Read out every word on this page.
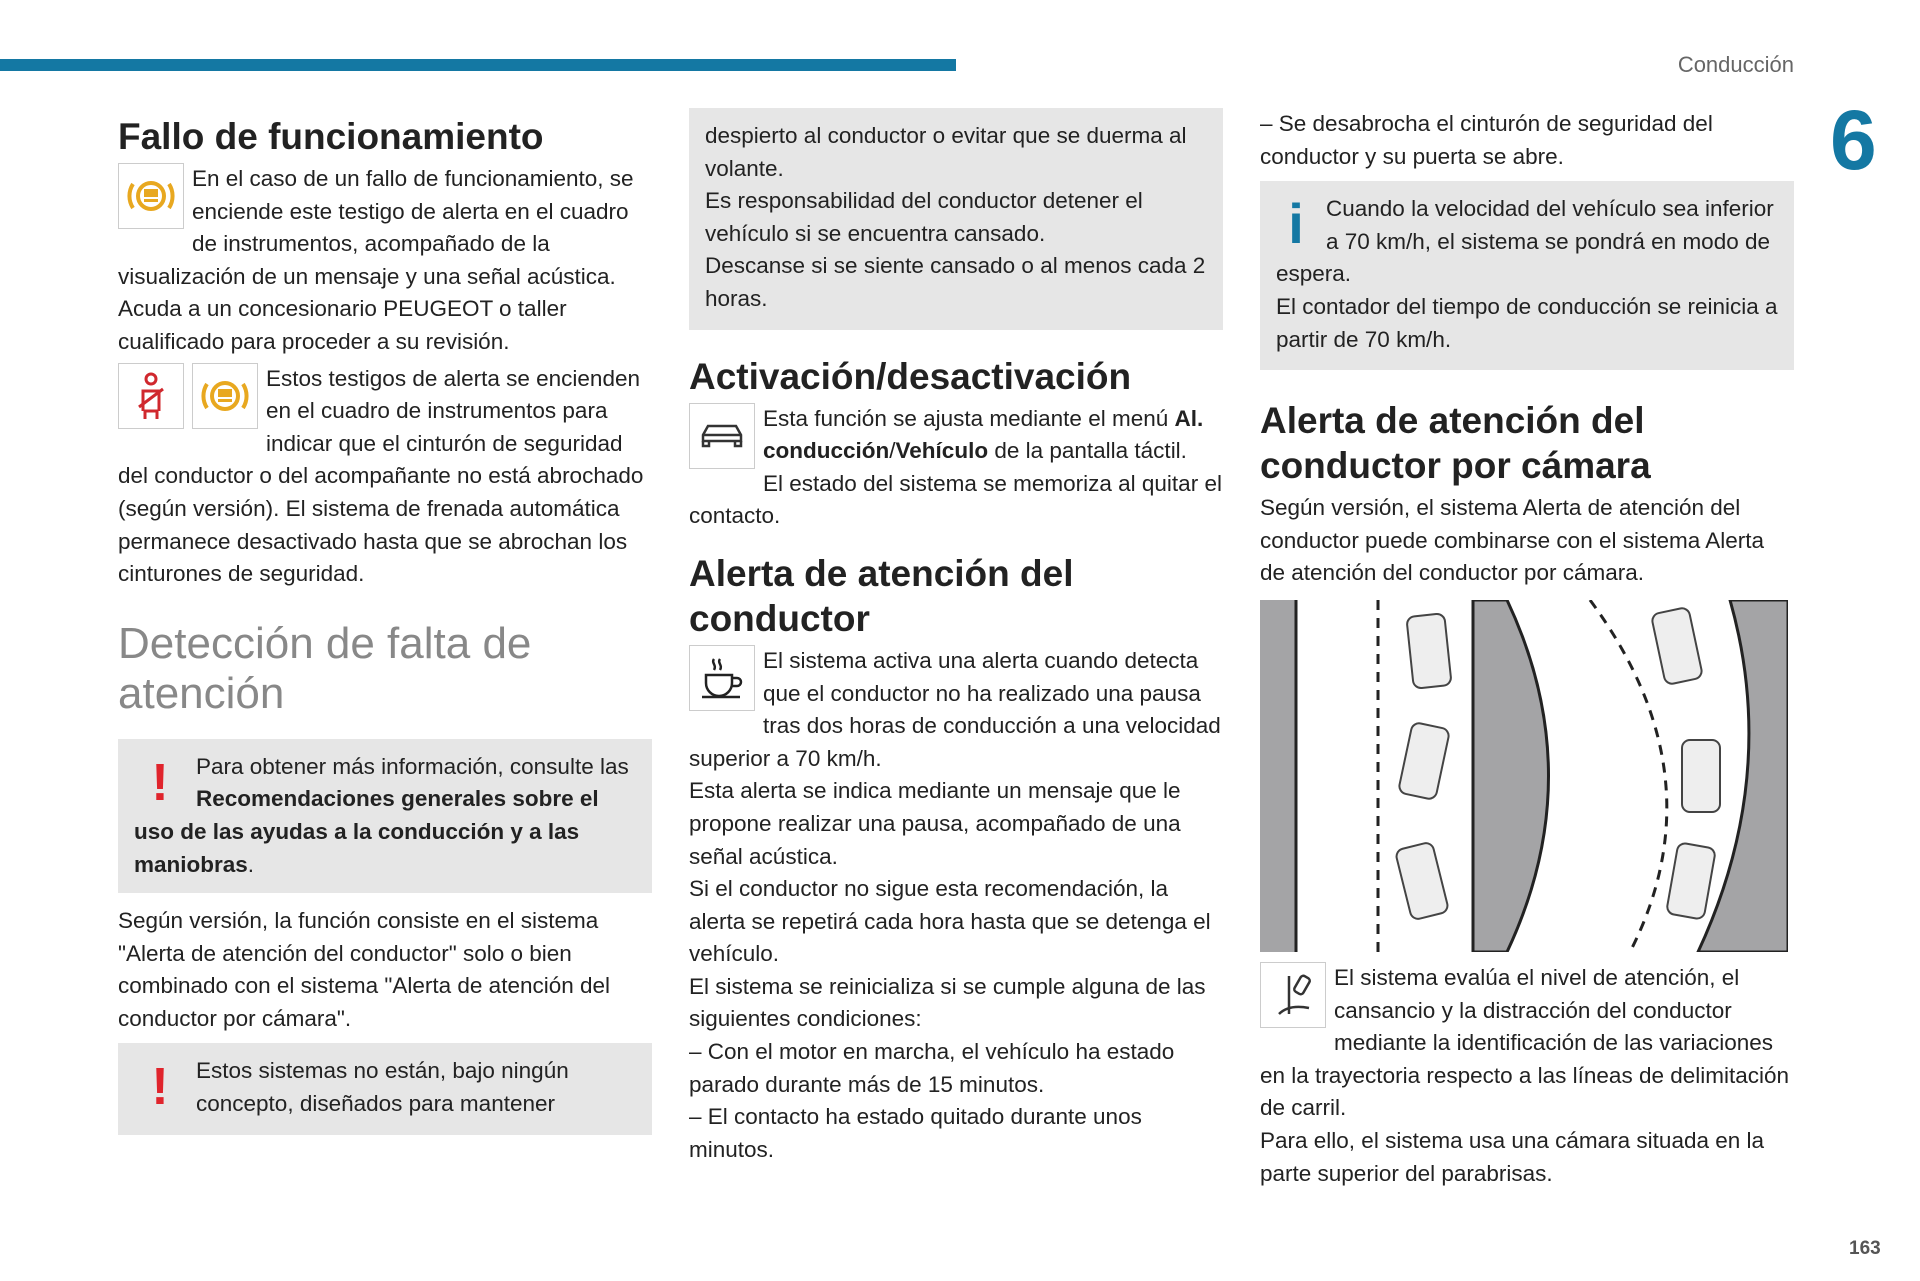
Conducción
6
163
Fallo de funcionamiento

En el caso de un fallo de funcionamiento, se enciende este testigo de alerta en el cuadro de instrumentos, acompañado de la visualización de un mensaje y una señal acústica. Acuda a un concesionario PEUGEOT o taller cualificado para proceder a su revisión.

Estos testigos de alerta se encienden en el cuadro de instrumentos para indicar que el cinturón de seguridad del conductor o del acompañante no está abrochado (según versión). El sistema de frenada automática permanece desactivado hasta que se abrochan los cinturones de seguridad.

Detección de falta de atención
!	Para obtener más información, consulte las Recomendaciones generales sobre el uso de las ayudas a la conducción y a las maniobras.

Según versión, la función consiste en el sistema "Alerta de atención del conductor" solo o bien combinado con el sistema "Alerta de atención del conductor por cámara".

!	Estos sistemas no están, bajo ningún concepto, diseñados para mantener

despierto al conductor o evitar que se duerma al volante.

Es responsabilidad del conductor detener el vehículo si se encuentra cansado.

Descanse si se siente cansado o al menos cada 2 horas.

Activación/desactivación

Esta función se ajusta mediante el menú Al. conducción/Vehículo de la pantalla táctil.

El estado del sistema se memoriza al quitar el contacto.

Alerta de atención del conductor

El sistema activa una alerta cuando detecta que el conductor no ha realizado una pausa tras dos horas de conducción a una velocidad superior a 70 km/h.

Esta alerta se indica mediante un mensaje que le propone realizar una pausa, acompañado de una señal acústica.

Si el conductor no sigue esta recomendación, la alerta se repetirá cada hora hasta que se detenga el vehículo.

El sistema se reinicializa si se cumple alguna de las siguientes condiciones:

– Con el motor en marcha, el vehículo ha estado parado durante más de 15 minutos.

– El contacto ha estado quitado durante unos minutos.

– Se desabrocha el cinturón de seguridad del conductor y su puerta se abre.

i Cuando la velocidad del vehículo sea inferior a 70 km/h, el sistema se pondrá en modo de espera.

El contador del tiempo de conducción se reinicia a partir de 70 km/h.

Alerta de atención del conductor por cámara

Según versión, el sistema Alerta de atención del conductor puede combinarse con el sistema Alerta de atención del conductor por cámara.

El sistema evalúa el nivel de atención, el cansancio y la distracción del conductor mediante la identificación de las variaciones en la trayectoria respecto a las líneas de delimitación de carril.

Para ello, el sistema usa una cámara situada en la parte superior del parabrisas.
